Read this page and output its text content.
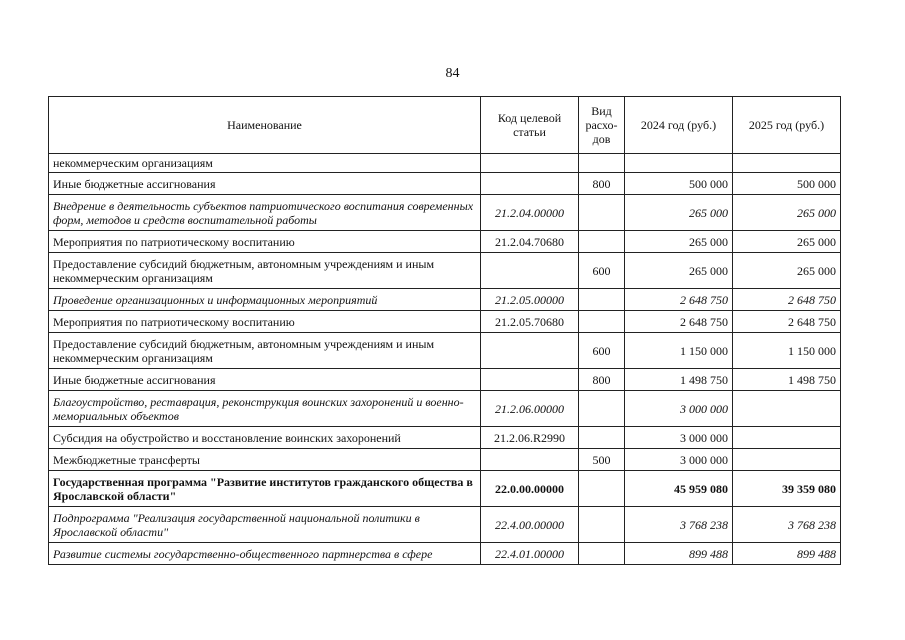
84
Наименование	Код целевой статьи	Вид расхо-дов	2024 год (руб.)	2025 год (руб.)
некоммерческим организациям				
Иные бюджетные ассигнования		800	500 000	500 000
Внедрение в деятельность субъектов патриотического воспитания современных форм, методов и средств воспитательной работы	21.2.04.00000		265 000	265 000
Мероприятия по патриотическому воспитанию	21.2.04.70680		265 000	265 000
Предоставление субсидий бюджетным, автономным учреждениям и иным некоммерческим организациям		600	265 000	265 000
Проведение организационных и информационных мероприятий	21.2.05.00000		2 648 750	2 648 750
Мероприятия по патриотическому воспитанию	21.2.05.70680		2 648 750	2 648 750
Предоставление субсидий бюджетным, автономным учреждениям и иным некоммерческим организациям		600	1 150 000	1 150 000
Иные бюджетные ассигнования		800	1 498 750	1 498 750
Благоустройство, реставрация, реконструкция воинских захоронений и военно-мемориальных объектов	21.2.06.00000		3 000 000	
Субсидия на обустройство и восстановление воинских захоронений	21.2.06.R2990		3 000 000	
Межбюджетные трансферты		500	3 000 000	
Государственная программа "Развитие институтов гражданского общества в Ярославской области"	22.0.00.00000		45 959 080	39 359 080
Подпрограмма "Реализация государственной национальной политики в Ярославской области"	22.4.00.00000		3 768 238	3 768 238
Развитие системы государственно-общественного партнерства в сфере	22.4.01.00000		899 488	899 488
